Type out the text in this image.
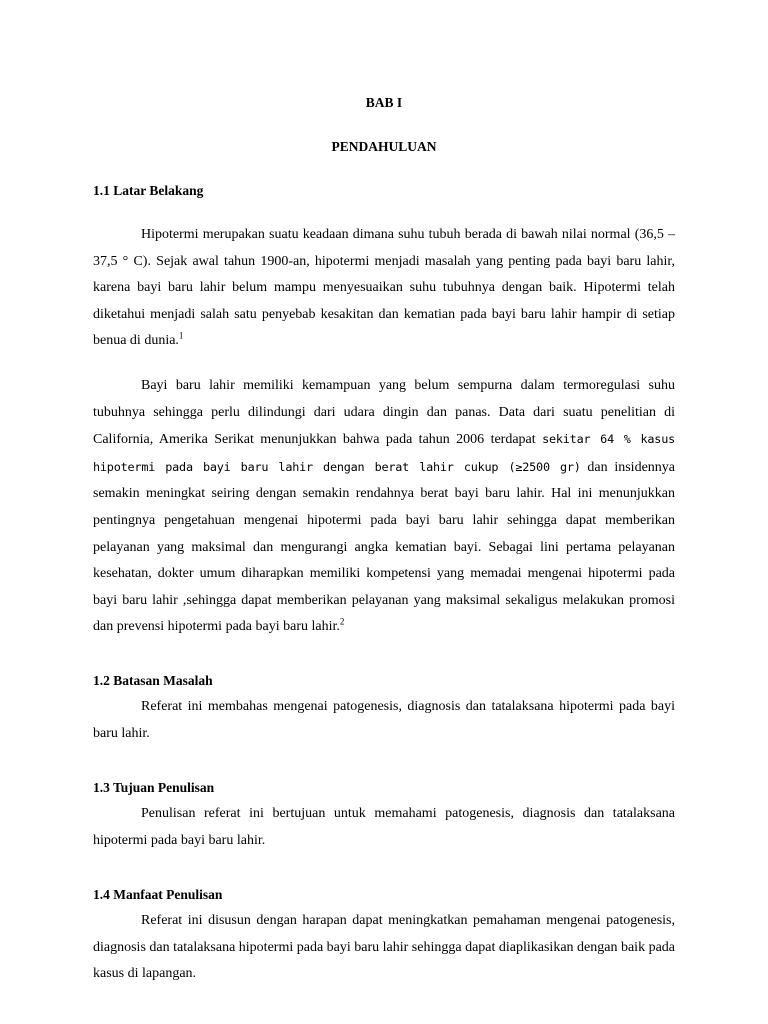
BAB I
PENDAHULUAN
1.1 Latar Belakang

Hipotermi merupakan suatu keadaan dimana suhu tubuh berada di bawah nilai normal (36,5 – 37,5 ° C). Sejak awal tahun 1900-an, hipotermi menjadi masalah yang penting pada bayi baru lahir, karena bayi baru lahir belum mampu menyesuaikan suhu tubuhnya dengan baik. Hipotermi telah diketahui menjadi salah satu penyebab kesakitan dan kematian pada bayi baru lahir hampir di setiap benua di dunia.$^1$

Bayi baru lahir memiliki kemampuan yang belum sempurna dalam termoregulasi suhu tubuhnya sehingga perlu dilindungi dari udara dingin dan panas. Data dari suatu penelitian di California, Amerika Serikat menunjukkan bahwa pada tahun 2006 terdapat sekitar 64 % kasus hipotermi pada bayi baru lahir dengan berat lahir cukup (≥2500 gr) dan insidennya semakin meningkat seiring dengan semakin rendahnya berat bayi baru lahir. Hal ini menunjukkan pentingnya pengetahuan mengenai hipotermi pada bayi baru lahir sehingga dapat memberikan pelayanan yang maksimal dan mengurangi angka kematian bayi. Sebagai lini pertama pelayanan kesehatan, dokter umum diharapkan memiliki kompetensi yang memadai mengenai hipotermi pada bayi baru lahir ,sehingga dapat memberikan pelayanan yang maksimal sekaligus melakukan promosi dan prevensi hipotermi pada bayi baru lahir.$^2$

1.2 Batasan Masalah

Referat ini membahas mengenai patogenesis, diagnosis dan tatalaksana hipotermi pada bayi baru lahir.

1.3 Tujuan Penulisan

Penulisan referat ini bertujuan untuk memahami patogenesis, diagnosis dan tatalaksana hipotermi pada bayi baru lahir.

1.4 Manfaat Penulisan

Referat ini disusun dengan harapan dapat meningkatkan pemahaman mengenai patogenesis, diagnosis dan tatalaksana hipotermi pada bayi baru lahir sehingga dapat diaplikasikan dengan baik pada kasus di lapangan.
